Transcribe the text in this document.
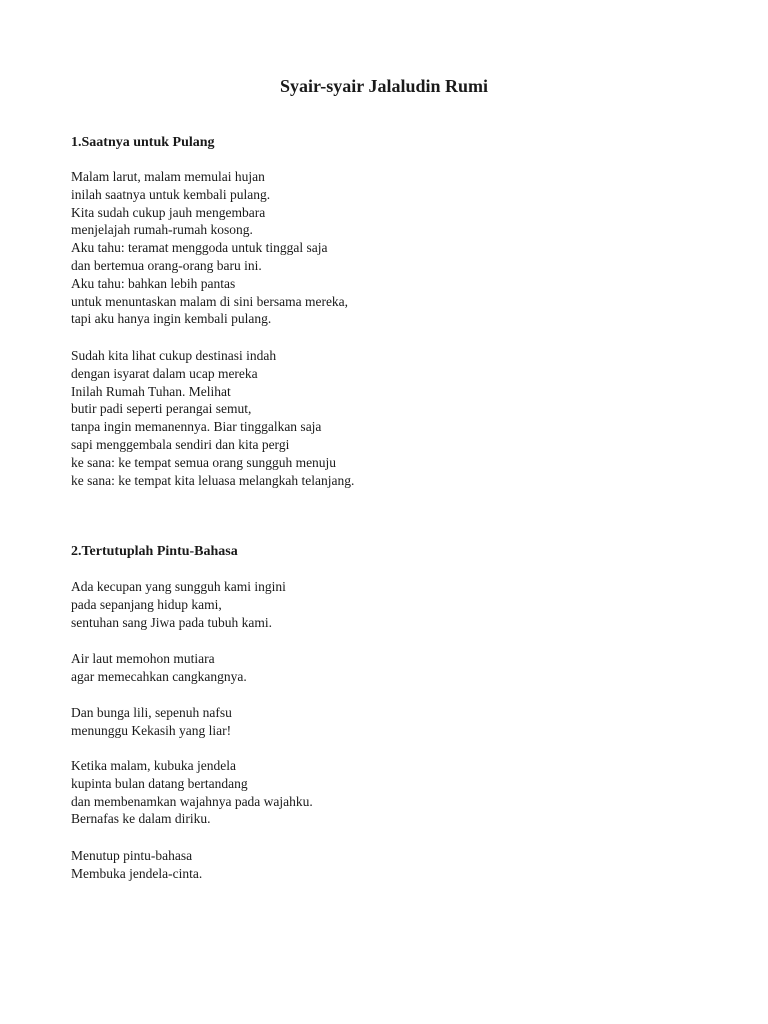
Syair-syair Jalaludin Rumi
1.Saatnya untuk Pulang
Malam larut, malam memulai hujan
inilah saatnya untuk kembali pulang.
Kita sudah cukup jauh mengembara
menjelajah rumah-rumah kosong.
Aku tahu: teramat menggoda untuk tinggal saja
dan bertemua orang-orang baru ini.
Aku tahu: bahkan lebih pantas
untuk menuntaskan malam di sini bersama mereka,
tapi aku hanya ingin kembali pulang.
Sudah kita lihat cukup destinasi indah
dengan isyarat dalam ucap mereka
Inilah Rumah Tuhan. Melihat
butir padi seperti perangai semut,
tanpa ingin memanennya. Biar tinggalkan saja
sapi menggembala sendiri dan kita pergi
ke sana: ke tempat semua orang sungguh menuju
ke sana: ke tempat kita leluasa melangkah telanjang.
2.Tertutuplah Pintu-Bahasa
Ada kecupan yang sungguh kami ingini
pada sepanjang hidup kami,
sentuhan sang Jiwa pada tubuh kami.
Air laut memohon mutiara
agar memecahkan cangkangnya.
Dan bunga lili, sepenuh nafsu
menunggu Kekasih yang liar!
Ketika malam, kubuka jendela
kupinta bulan datang bertandang
dan membenamkan wajahnya pada wajahku.
Bernafas ke dalam diriku.
Menutup pintu-bahasa
Membuka jendela-cinta.
